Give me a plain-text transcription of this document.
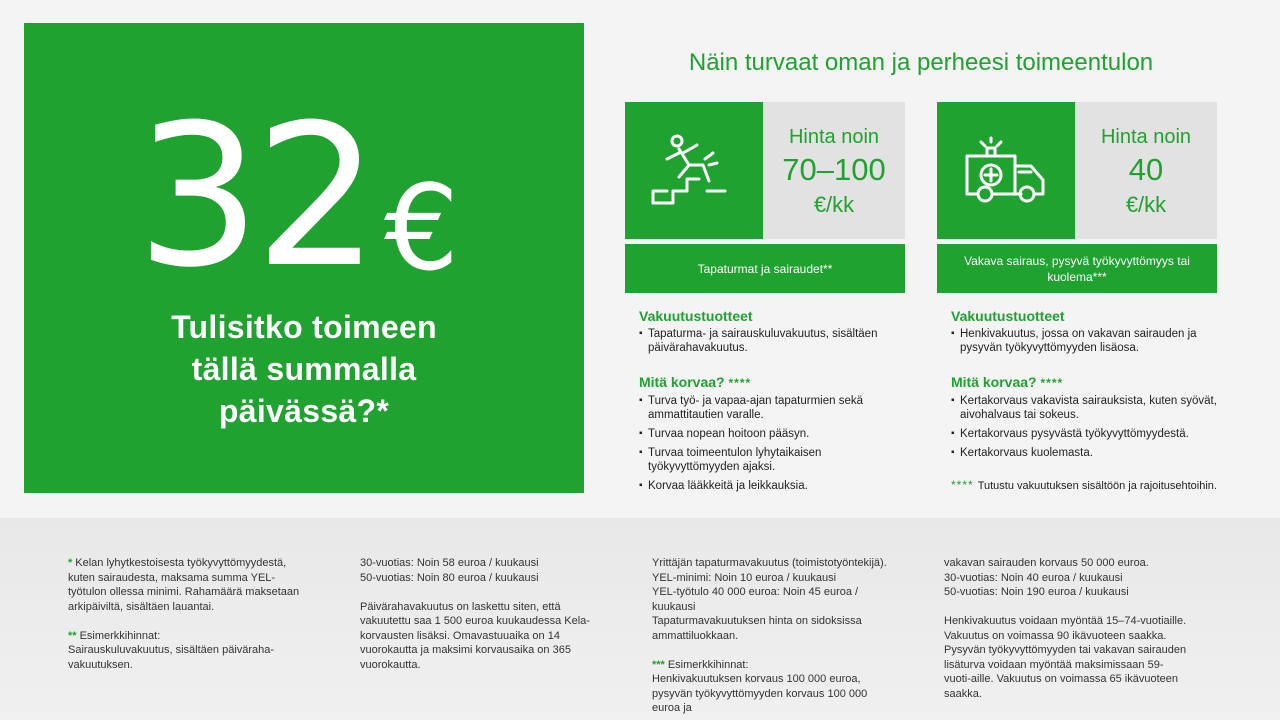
32 €
Tulisitko toimeen
tällä summalla
päivässä?*
Näin turvaat oman ja perheesi toimeentulon
Hinta noin
70–100
€/kk
Tapaturmat ja sairaudet**
Vakuutustuotteet
▪ Tapaturma- ja sairauskuluvakuutus, sisältäen päivärahavakuutus.
Mitä korvaa? ****
▪ Turva työ- ja vapaa-ajan tapaturmien sekä ammattitautien varalle.
▪ Turvaa nopean hoitoon pääsyn.
▪ Turvaa toimeentulon lyhytaikaisen työkyvyttömyyden ajaksi.
▪ Korvaa lääkkeitä ja leikkauksia.
Hinta noin
40
€/kk
Vakava sairaus, pysyvä työkyvyttömyys tai kuolema***
Vakuutustuotteet
▪ Henkivakuutus, jossa on vakavan sairauden ja pysyvän työkyvyttömyyden lisäosa.
Mitä korvaa? ****
▪ Kertakorvaus vakavista sairauksista, kuten syövät, aivohalvaus tai sokeus.
▪ Kertakorvaus pysyvästä työkyvyttömyydestä.
▪ Kertakorvaus kuolemasta.
**** Tutustu vakuutuksen sisältöön ja rajoitusehtoihin.

* Kelan lyhytkestoisesta työkyvyttömyydestä, kuten sairaudesta, maksama summa YEL-työtulon ollessa minimi. Rahamäärä maksetaan arkipäiviltä, sisältäen lauantai.

** Esimerkkihinnat:
Sairauskuluvakuutus, sisältäen päiväraha-vakuutuksen.

30-vuotias: Noin 58 euroa / kuukausi
50-vuotias: Noin 80 euroa / kuukausi

Päivärahavakuutus on laskettu siten, että vakuutettu saa 1 500 euroa kuukaudessa Kela-korvausten lisäksi. Omavastuuaika on 14 vuorokautta ja maksimi korvausaika on 365 vuorokautta.

Yrittäjän tapaturmavakuutus (toimistotyöntekijä).
YEL-minimi: Noin 10 euroa / kuukausi
YEL-työtulo 40 000 euroa: Noin 45 euroa / kuukausi
Tapaturmavakuutuksen hinta on sidoksissa ammattiluokkaan.

*** Esimerkkihinnat:
Henkivakuutuksen korvaus 100 000 euroa, pysyvän työkyvyttömyyden korvaus 100 000 euroa ja

vakavan sairauden korvaus 50 000 euroa.
30-vuotias: Noin 40 euroa / kuukausi
50-vuotias: Noin 190 euroa / kuukausi

Henkivakuutus voidaan myöntää 15–74-vuotiaille. Vakuutus on voimassa 90 ikävuoteen saakka. Pysyvän työkyvyttömyyden tai vakavan sairauden lisäturva voidaan myöntää maksimissaan 59-vuoti-aille. Vakuutus on voimassa 65 ikävuoteen saakka.
